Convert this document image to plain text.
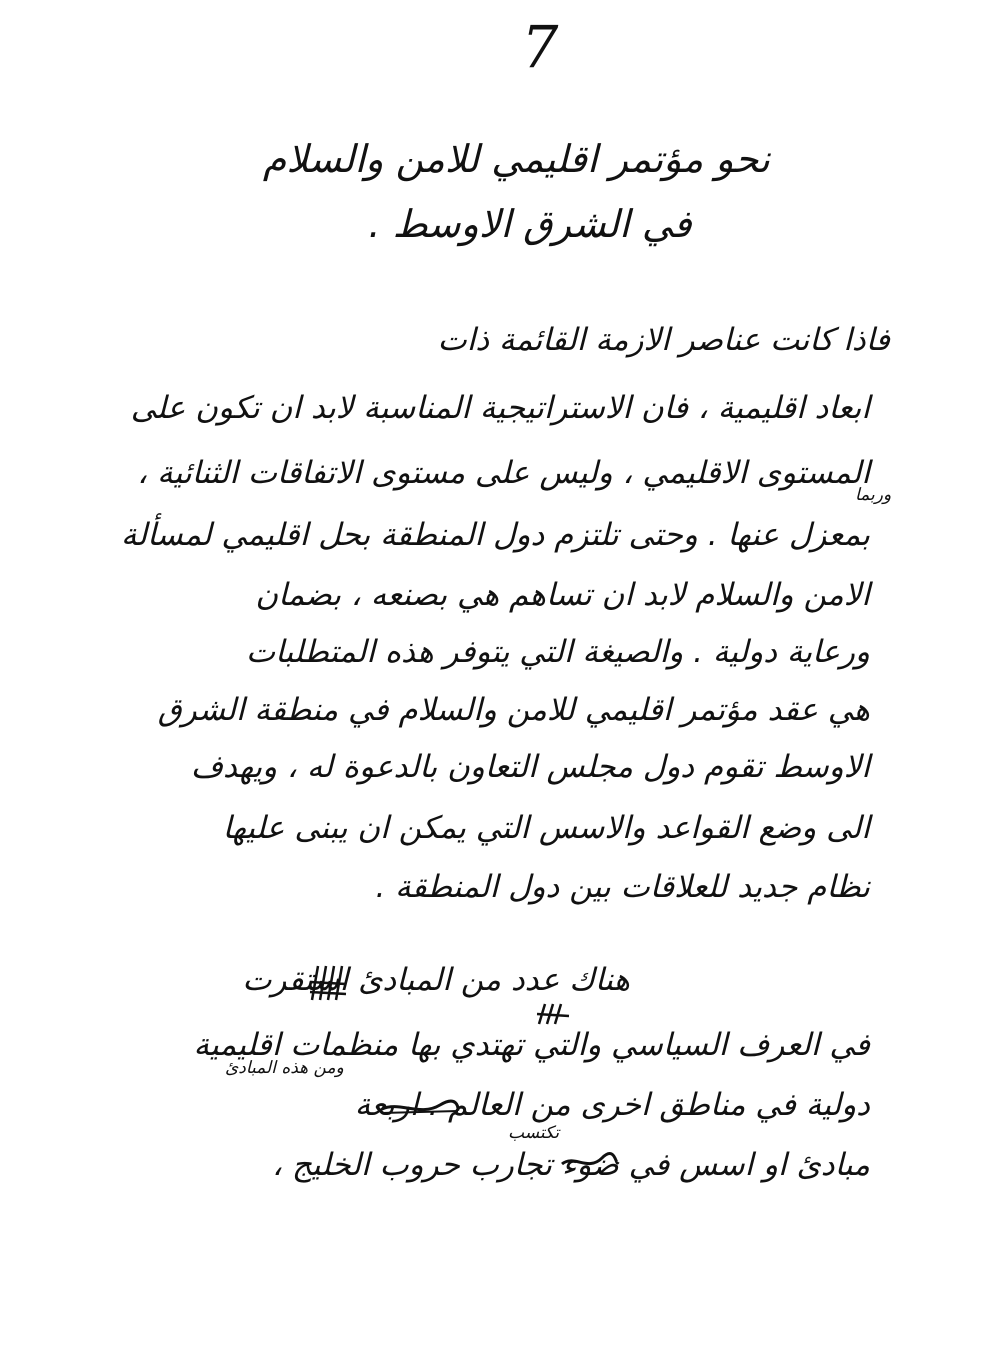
7
نحو مؤتمر اقليمي للامن والسلام
في الشرق الاوسط .
فاذا كانت عناصر الازمة القائمة ذات
ابعاد اقليمية ، فان الاستراتيجية المناسبة لابد ان تكون على
المستوى الاقليمي ، وليس على مستوى الاتفاقات الثنائية ،
وربما
بمعزل عنها . وحتى تلتزم دول المنطقة بحل اقليمي لمسألة
الامن والسلام لابد ان تساهم هي بصنعه ، بضمان
ورعاية دولية . والصيغة التي يتوفر هذه المتطلبات
هي عقد مؤتمر اقليمي للامن والسلام في منطقة الشرق
الاوسط تقوم دول مجلس التعاون بالدعوة له ، ويهدف
الى وضع القواعد والاسس التي يمكن ان يبنى عليها
نظام جديد للعلاقات بين دول المنطقة .
هناك عدد من المبادئ استقرت
في العرف السياسي والتي تهتدي بها منظمات اقليمية
ومن هذه المبادئ
دولية في مناطق اخرى من العالم . اربعة
تكتسب
مبادئ او اسس في ضوء تجارب حروب الخليج ،
